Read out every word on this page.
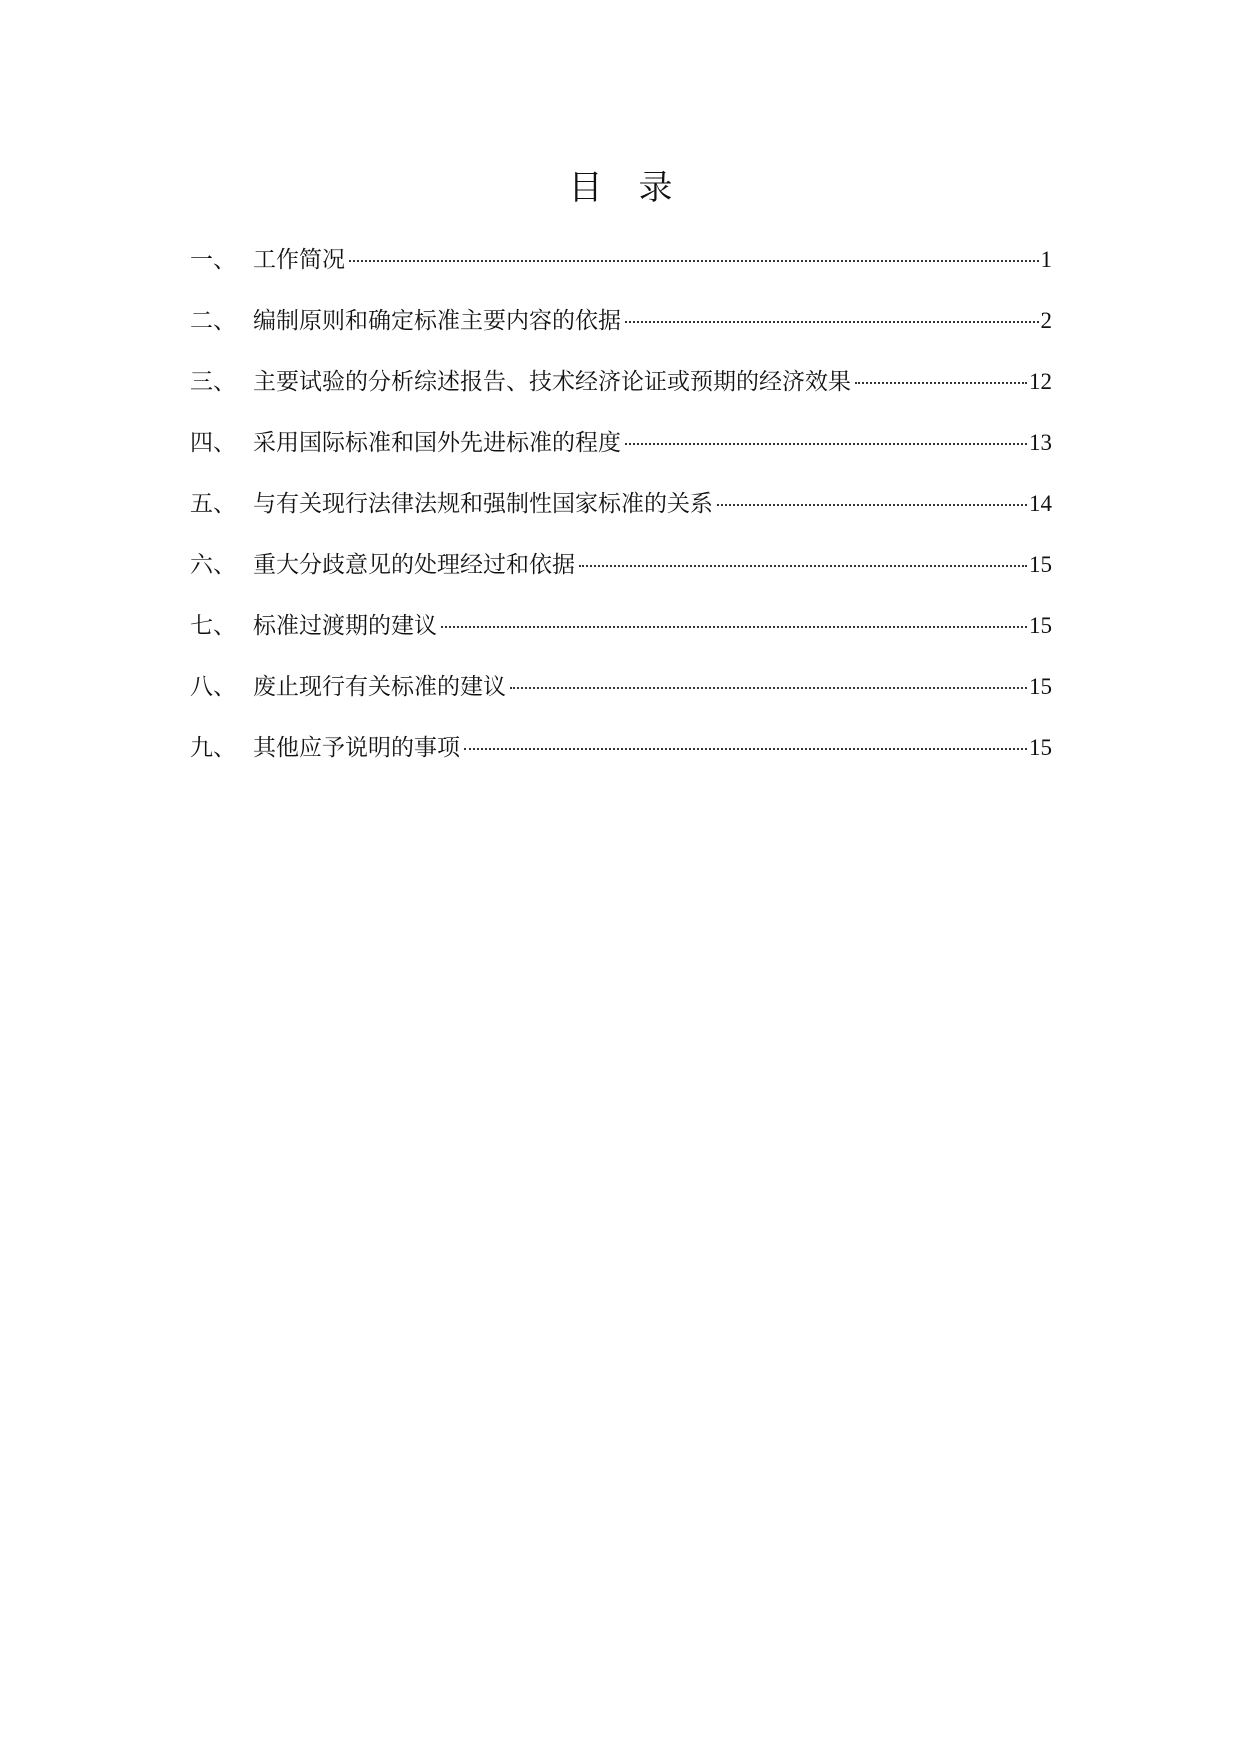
目 录
一、 工作简况	1
二、 编制原则和确定标准主要内容的依据	2
三、 主要试验的分析综述报告、技术经济论证或预期的经济效果	12
四、 采用国际标准和国外先进标准的程度	13
五、 与有关现行法律法规和强制性国家标准的关系	14
六、 重大分歧意见的处理经过和依据	15
七、 标准过渡期的建议	15
八、 废止现行有关标准的建议	15
九、 其他应予说明的事项	15
